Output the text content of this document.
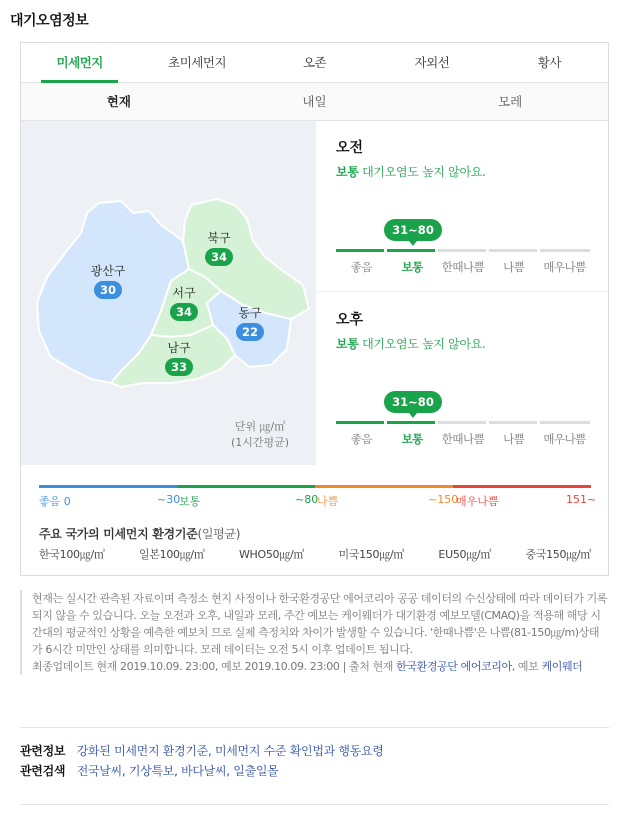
대기오염정보
미세먼지	초미세먼지	오존	자외선	황사
현재	내일	모레
광산구
30
북구
34
서구
34	동구
22
남구
33
단위 ㎍/㎥
(1시간평균)
오전
보통 대기오염도 높지 않아요.
31~80
좋음	보통	한때나쁨	나쁨	매우나쁨
오후
보통 대기오염도 높지 않아요.
31~80
좋음	보통	한때나쁨	나쁨	매우나쁨
좋음 0	~30
보통	~80
나쁨	~150
매우나쁨	151~
주요 국가의 미세먼지 환경기준(일평균)
한국100㎍/㎥	일본100㎍/㎥	WHO50㎍/㎥	미국150㎍/㎥	EU50㎍/㎥	중국150㎍/㎥
현재는 실시간 관측된 자료이며 측정소 현지 사정이나 한국환경공단 에어코리아 공공 데이터의 수신상태에 따라 데이터가 기록되지 않을 수 있습니다. 오늘 오전과 오후, 내일과 모레, 주간 예보는 케이웨더가 대기환경 예보모델(CMAQ)을 적용해 해당 시간대의 평균적인 상황을 예측한 예보치 므로 실제 측정치와 차이가 발생할 수 있습니다. '한때나쁨'은 나쁨(81-150㎍/m)상태가 6시간 미만인 상태를 의미합니다. 모레 데이터는 오전 5시 이후 업데이트 됩니다.
최종업데이트 현재 2019.10.09. 23:00, 예보 2019.10.09. 23:00 | 출처 현재 한국환경공단 에어코리아, 예보 케이웨더
관련정보 강화된 미세먼지 환경기준, 미세먼지 수준 확인법과 행동요령
관련검색 전국날씨, 기상특보, 바다날씨, 일출일몰
